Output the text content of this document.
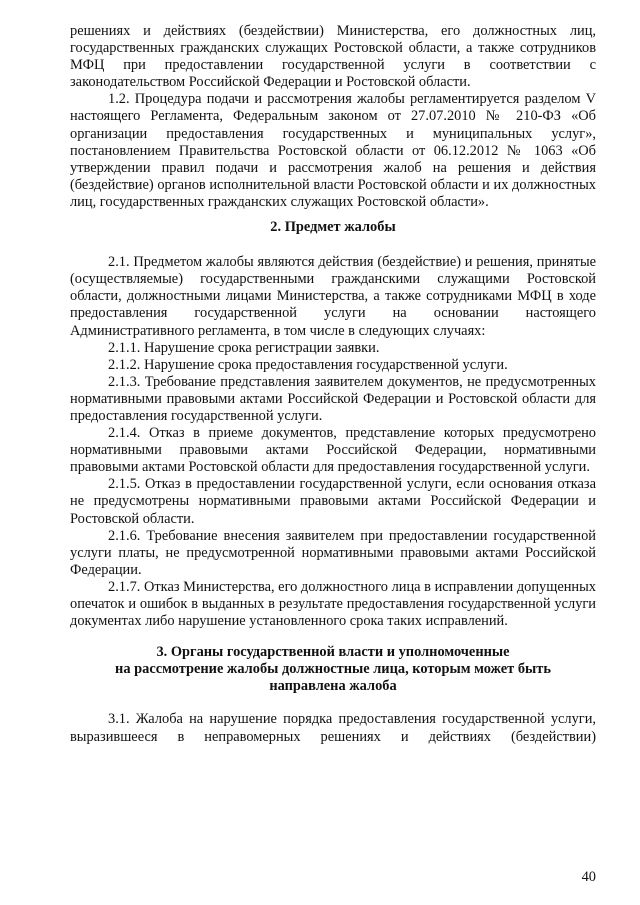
решениях и действиях (бездействии) Министерства, его должностных лиц, государственных гражданских служащих Ростовской области, а также сотрудников МФЦ при предоставлении государственной услуги в соответствии с законодательством Российской Федерации и Ростовской области.

1.2. Процедура подачи и рассмотрения жалобы регламентируется разделом V настоящего Регламента, Федеральным законом от 27.07.2010 № 210-ФЗ «Об организации предоставления государственных и муниципальных услуг», постановлением Правительства Ростовской области от 06.12.2012 № 1063 «Об утверждении правил подачи и рассмотрения жалоб на решения и действия (бездействие) органов исполнительной власти Ростовской области и их должностных лиц, государственных гражданских служащих Ростовской области».

2. Предмет жалобы

2.1. Предметом жалобы являются действия (бездействие) и решения, принятые (осуществляемые) государственными гражданскими служащими Ростовской области, должностными лицами Министерства, а также сотрудниками МФЦ в ходе предоставления государственной услуги на основании настоящего Административного регламента, в том числе в следующих случаях:

2.1.1. Нарушение срока регистрации заявки.

2.1.2. Нарушение срока предоставления государственной услуги.

2.1.3. Требование представления заявителем документов, не предусмотренных нормативными правовыми актами Российской Федерации и Ростовской области для предоставления государственной услуги.

2.1.4. Отказ в приеме документов, представление которых предусмотрено нормативными правовыми актами Российской Федерации, нормативными правовыми актами Ростовской области для предоставления государственной услуги.

2.1.5. Отказ в предоставлении государственной услуги, если основания отказа не предусмотрены нормативными правовыми актами Российской Федерации и Ростовской области.

2.1.6. Требование внесения заявителем при предоставлении государственной услуги платы, не предусмотренной нормативными правовыми актами Российской Федерации.

2.1.7. Отказ Министерства, его должностного лица в исправлении допущенных опечаток и ошибок в выданных в результате предоставления государственной услуги документах либо нарушение установленного срока таких исправлений.

3. Органы государственной власти и уполномоченные
на рассмотрение жалобы должностные лица, которым может быть
направлена жалоба

3.1. Жалоба на нарушение порядка предоставления государственной услуги, выразившееся в неправомерных решениях и действиях (бездействии)

40
